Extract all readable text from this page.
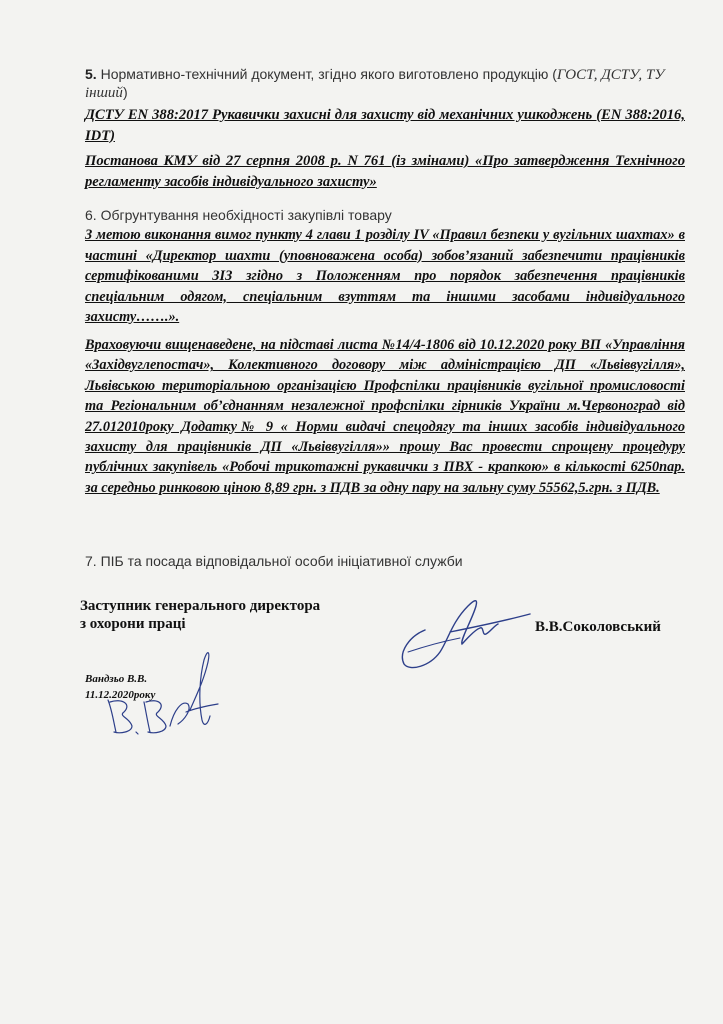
5. Нормативно-технічний документ, згідно якого виготовлено продукцію (ГОСТ, ДСТУ, ТУ інший)
ДСТУ EN 388:2017 Рукавички захисні для захисту від механічних ушкоджень (EN 388:2016, IDT)
Постанова КМУ від 27 серпня 2008 р. N 761 (із змінами) «Про затвердження Технічного регламенту засобів індивідуального захисту»
6. Обгрунтування необхідності закупівлі товару
З метою виконання вимог пункту 4 глави 1 розділу IV «Правил безпеки у вугільних шахтах» в частині «Директор шахти (уповноважена особа) зобов’язаний забезпечити працівників сертифікованими ЗІЗ згідно з Положенням про порядок забезпечення працівників спеціальним одягом, спеціальним взуттям та іншими засобами індивідуального захисту…….».
Враховуючи вищенаведене, на підставі листа №14/4-1806 від 10.12.2020 року ВП «Управління «Західвуглепостач», Колективного договору між адміністрацією ДП «Львіввугілля», Львівською територіальною організацією Профспілки працівників вугільної промисловості та Регіональним об’єднанням незалежної профспілки гірників України м.Червоноград від 27.012010року Додатку№ 9 « Норми видачі спецодягу та інших засобів індивідуального захисту для працівників ДП «Львіввугілля»» прошу Вас провести спрощену процедуру публічних закупівель «Робочі трикотажні рукавички з ПВХ - крапкою» в кількості 6250пар. за середньо ринковою ціною 8,89 грн. з ПДВ за одну пару на зальну суму 55562,5.грн. з ПДВ.
7. ПІБ та посада відповідальної особи ініціативної служби
Заступник генерального директора
з охорони праці	В.В.Соколовський
Вандзьо В.В.
11.12.2020року
